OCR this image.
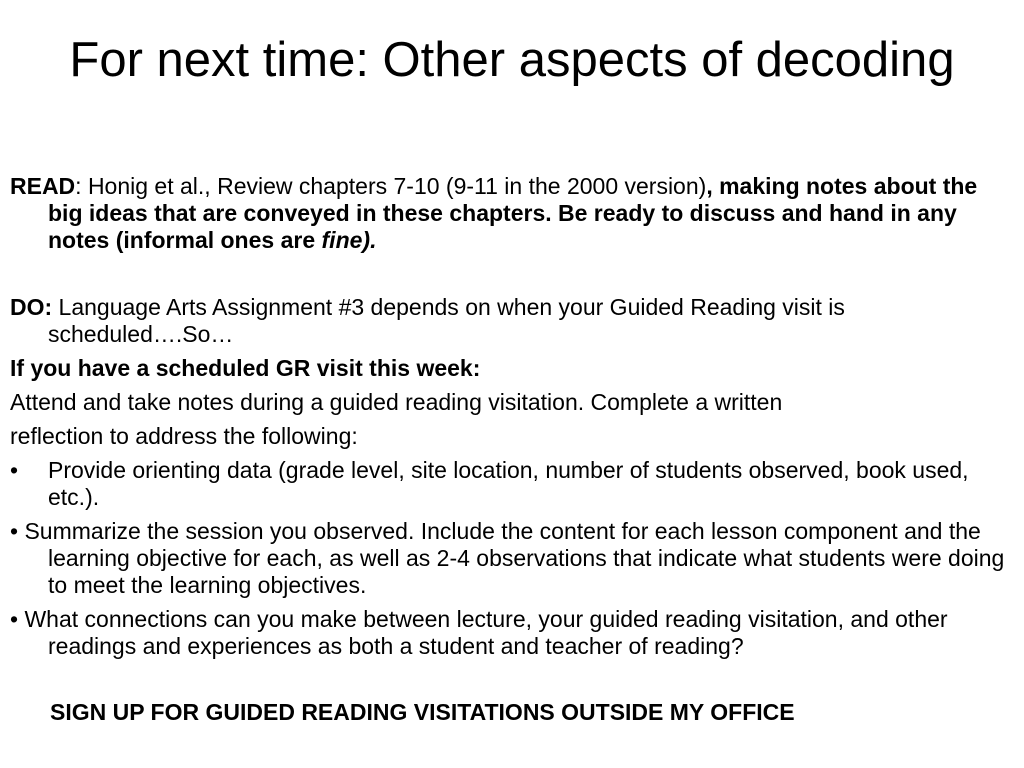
For next time: Other aspects of decoding

READ: Honig et al., Review chapters 7-10 (9-11 in the 2000 version), making notes about the big ideas that are conveyed in these chapters. Be ready to discuss and hand in any notes (informal ones are fine).

DO: Language Arts Assignment #3 depends on when your Guided Reading visit is scheduled….So…

If you have a scheduled GR visit this week:

Attend and take notes during a guided reading visitation. Complete a written

reflection to address the following:

• Provide orienting data (grade level, site location, number of students observed, book used, etc.).

• Summarize the session you observed. Include the content for each lesson component and the learning objective for each, as well as 2-4 observations that indicate what students were doing to meet the learning objectives.

• What connections can you make between lecture, your guided reading visitation, and other readings and experiences as both a student and teacher of reading?

SIGN UP FOR GUIDED READING VISITATIONS OUTSIDE MY OFFICE
